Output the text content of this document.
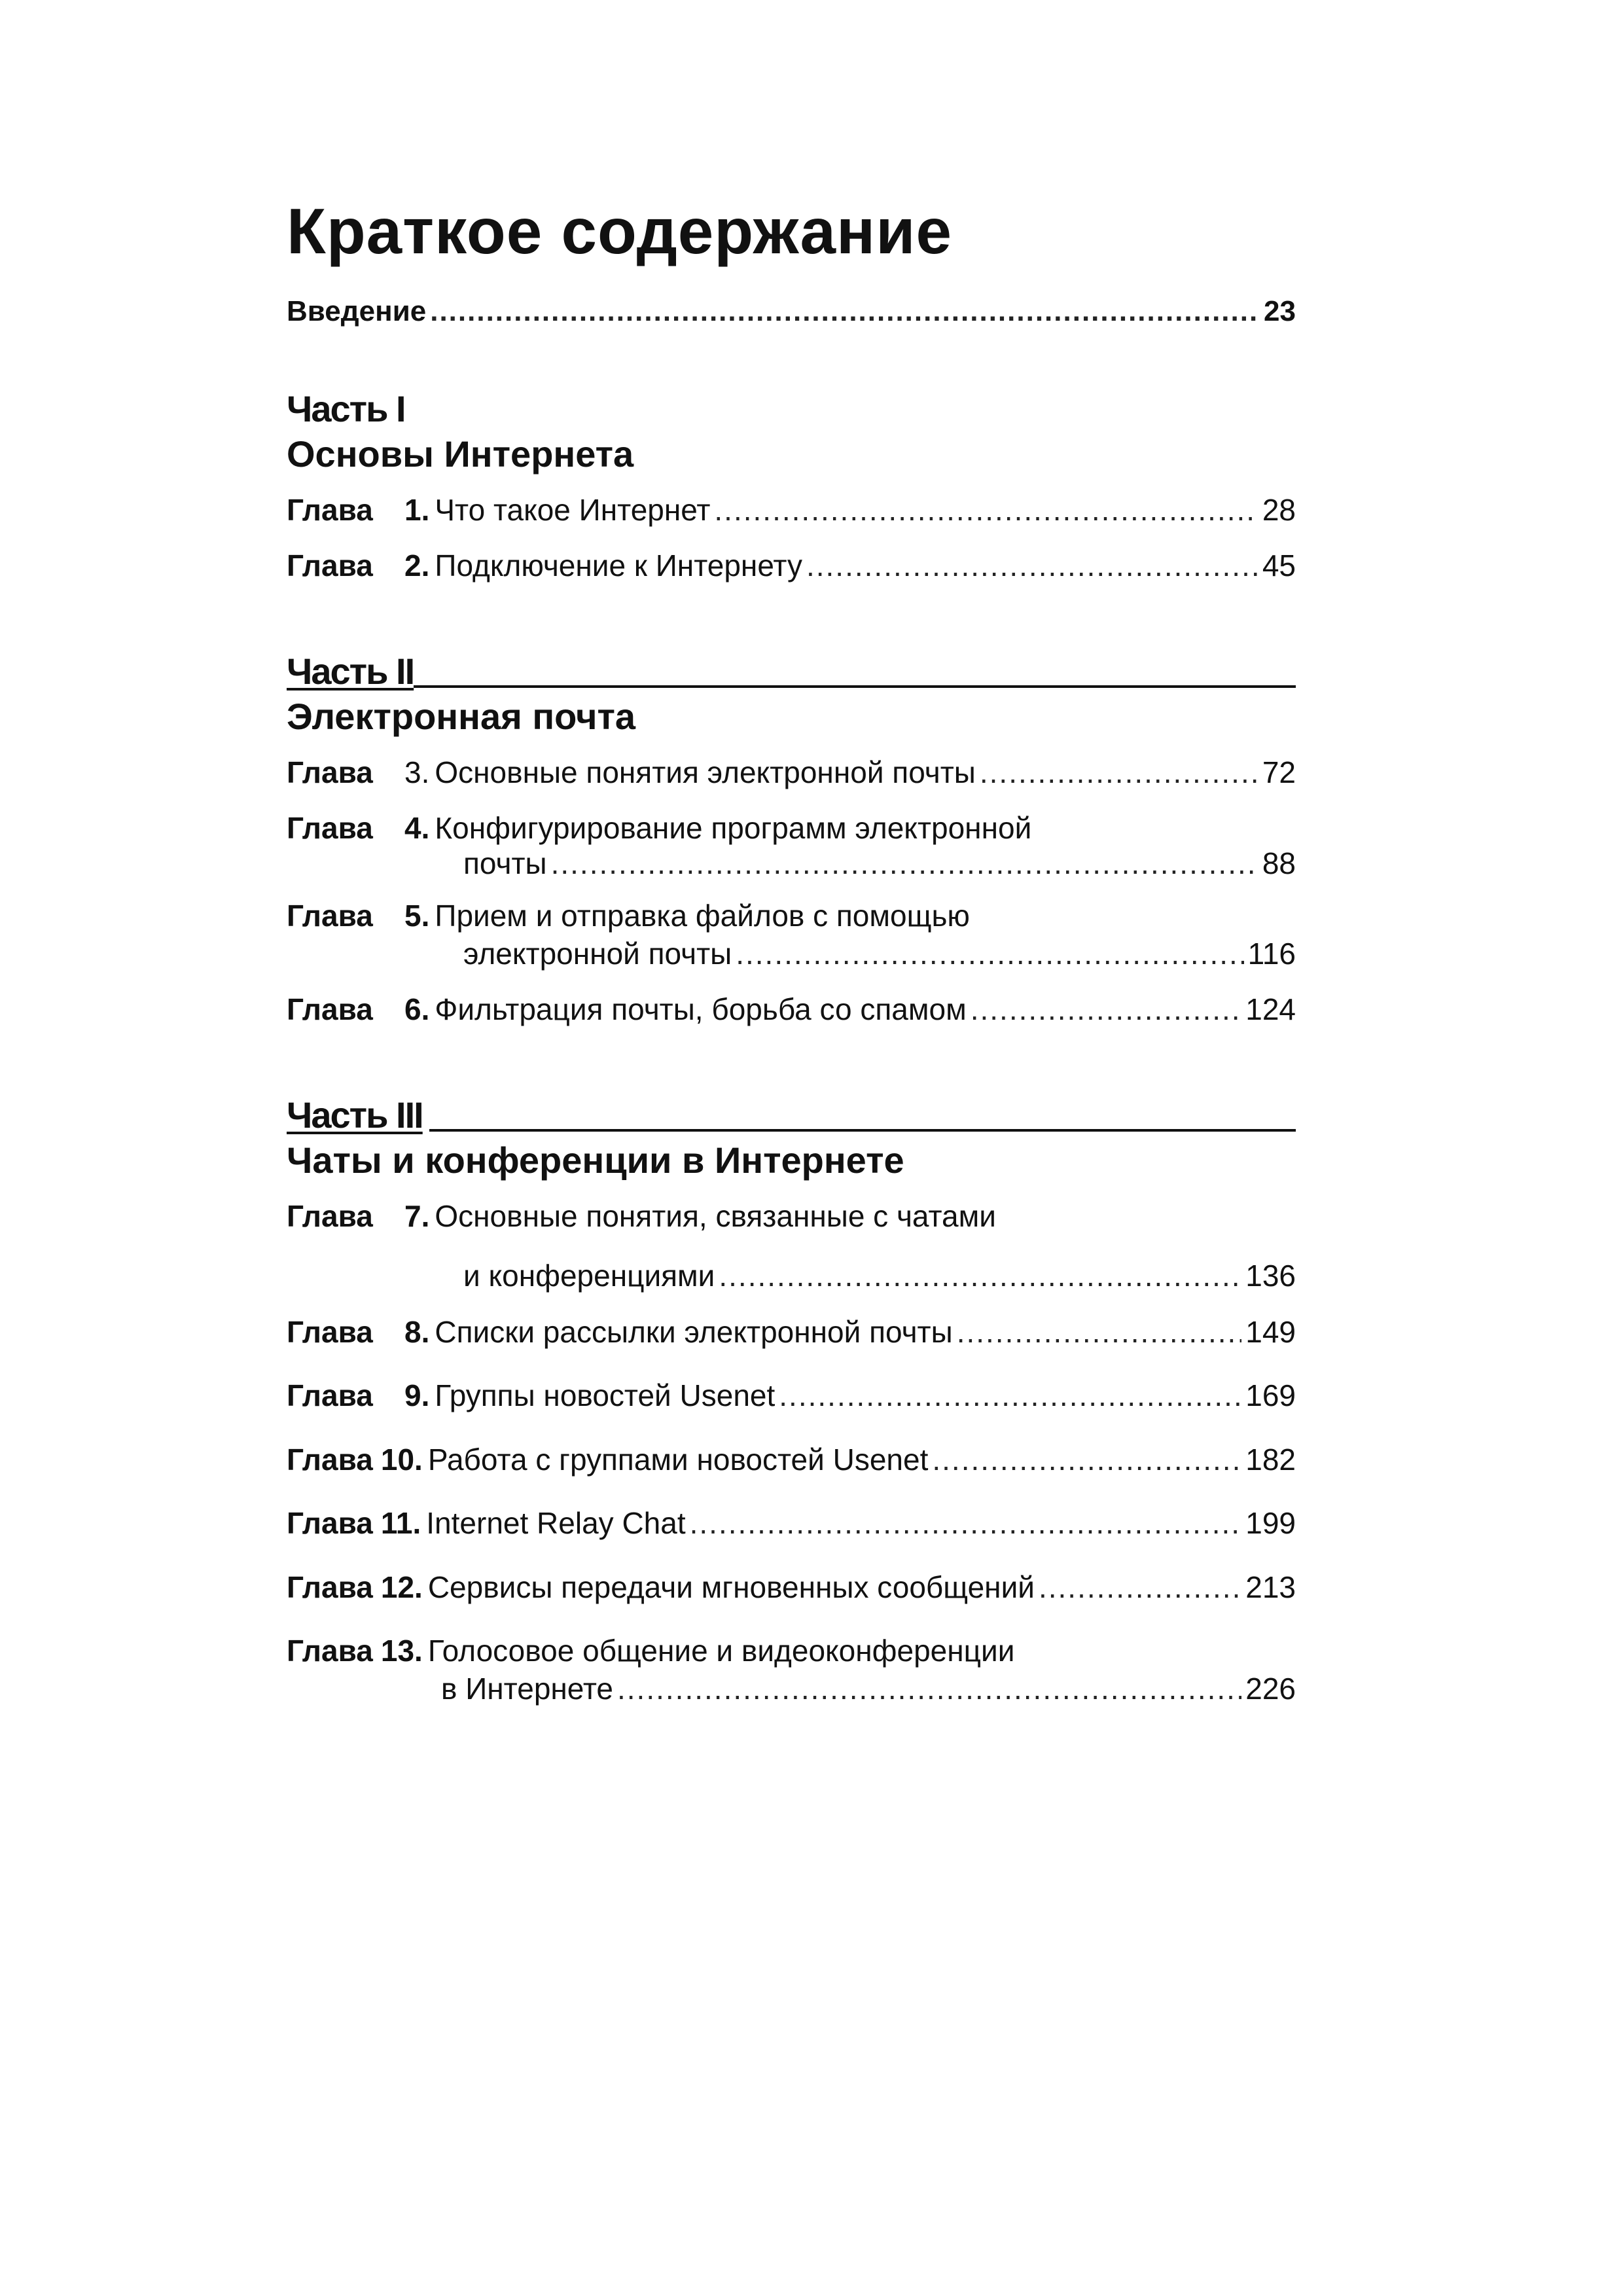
Краткое содержание
Введение .....	23
Часть I
Основы Интернета
Глава	1. Что такое Интернет .....	28
Глава	2. Подключение к Интернету .....	45
Часть II
Электронная почта
Глава	3. Основные понятия электронной почты .....	72
Глава	4. Конфигурирование программ электронной
почты .....	88
Глава	5. Прием и отправка файлов с помощью
электронной почты .....	116
Глава	6. Фильтрация почты, борьба со спамом .....	124
Часть III
Чаты и конференции в Интернете
Глава	7. Основные понятия, связанные с чатами
и конференциями .....	136
Глава	8. Списки рассылки электронной почты .....	149
Глава	9. Группы новостей Usenet .....	169
Глава 10. Работа с группами новостей Usenet .....	182
Глава 11. Internet Relay Chat .....	199
Глава 12. Сервисы передачи мгновенных сообщений .....	213
Глава 13. Голосовое общение и видеоконференции
в Интернете .....	226
